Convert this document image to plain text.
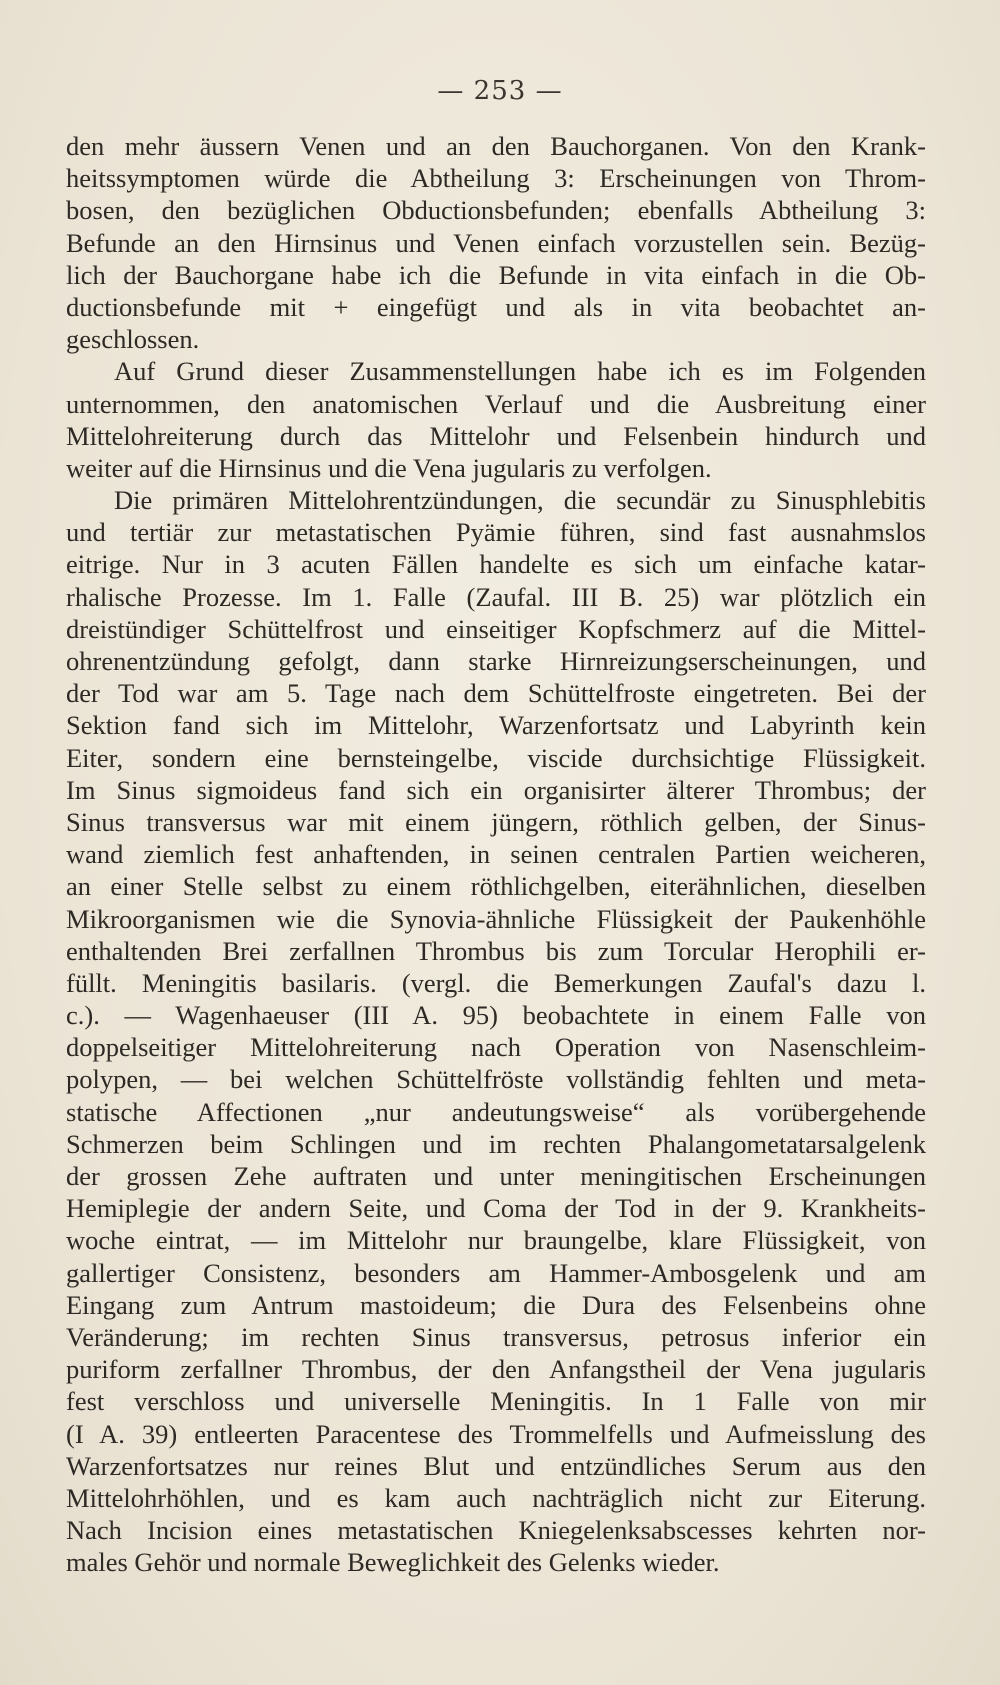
— 253 —
den mehr äussern Venen und an den Bauchorganen. Von den Krank-
heitssymptomen würde die Abtheilung 3: Erscheinungen von Throm-
bosen, den bezüglichen Obductionsbefunden; ebenfalls Abtheilung 3:
Befunde an den Hirnsinus und Venen einfach vorzustellen sein. Bezüg-
lich der Bauchorgane habe ich die Befunde in vita einfach in die Ob-
ductionsbefunde mit + eingefügt und als in vita beobachtet an-
geschlossen.
Auf Grund dieser Zusammenstellungen habe ich es im Folgenden
unternommen, den anatomischen Verlauf und die Ausbreitung einer
Mittelohreiterung durch das Mittelohr und Felsenbein hindurch und
weiter auf die Hirnsinus und die Vena jugularis zu verfolgen.
Die primären Mittelohrentzündungen, die secundär zu Sinusphlebitis
und tertiär zur metastatischen Pyämie führen, sind fast ausnahmslos
eitrige. Nur in 3 acuten Fällen handelte es sich um einfache katar-
rhalische Prozesse. Im 1. Falle (Zaufal. III B. 25) war plötzlich ein
dreistündiger Schüttelfrost und einseitiger Kopfschmerz auf die Mittel-
ohrenentzündung gefolgt, dann starke Hirnreizungserscheinungen, und
der Tod war am 5. Tage nach dem Schüttelfroste eingetreten. Bei der
Sektion fand sich im Mittelohr, Warzenfortsatz und Labyrinth kein
Eiter, sondern eine bernsteingelbe, viscide durchsichtige Flüssigkeit.
Im Sinus sigmoideus fand sich ein organisirter älterer Thrombus; der
Sinus transversus war mit einem jüngern, röthlich gelben, der Sinus-
wand ziemlich fest anhaftenden, in seinen centralen Partien weicheren,
an einer Stelle selbst zu einem röthlichgelben, eiterähnlichen, dieselben
Mikroorganismen wie die Synovia-ähnliche Flüssigkeit der Paukenhöhle
enthaltenden Brei zerfallnen Thrombus bis zum Torcular Herophili er-
füllt. Meningitis basilaris. (vergl. die Bemerkungen Zaufal's dazu l.
c.). — Wagenhaeuser (III A. 95) beobachtete in einem Falle von
doppelseitiger Mittelohreiterung nach Operation von Nasenschleim-
polypen, — bei welchen Schüttelfröste vollständig fehlten und meta-
statische Affectionen „nur andeutungsweise“ als vorübergehende
Schmerzen beim Schlingen und im rechten Phalangometatarsalgelenk
der grossen Zehe auftraten und unter meningitischen Erscheinungen
Hemiplegie der andern Seite, und Coma der Tod in der 9. Krankheits-
woche eintrat, — im Mittelohr nur braungelbe, klare Flüssigkeit, von
gallertiger Consistenz, besonders am Hammer-Ambosgelenk und am
Eingang zum Antrum mastoideum; die Dura des Felsenbeins ohne
Veränderung; im rechten Sinus transversus, petrosus inferior ein
puriform zerfallner Thrombus, der den Anfangstheil der Vena jugularis
fest verschloss und universelle Meningitis. In 1 Falle von mir
(I A. 39) entleerten Paracentese des Trommelfells und Aufmeisslung des
Warzenfortsatzes nur reines Blut und entzündliches Serum aus den
Mittelohrhöhlen, und es kam auch nachträglich nicht zur Eiterung.
Nach Incision eines metastatischen Kniegelenksabscesses kehrten nor-
males Gehör und normale Beweglichkeit des Gelenks wieder.
